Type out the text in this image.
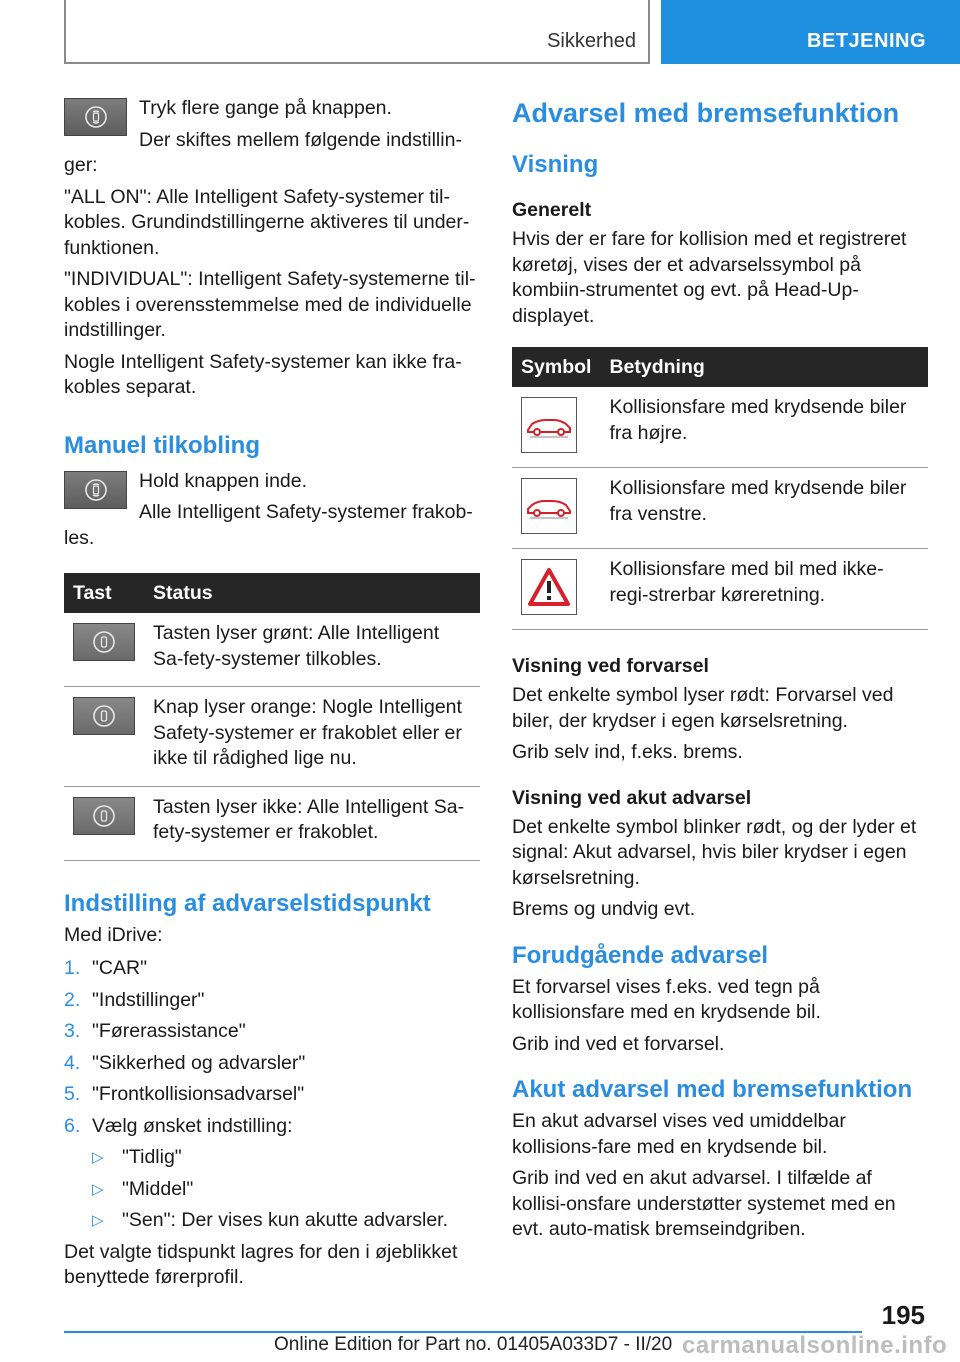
Sikkerhed	BETJENING

Tryk flere gange på knappen.

Der skiftes mellem følgende indstillin-ger:

"ALL ON": Alle Intelligent Safety-systemer til-kobles. Grundindstillingerne aktiveres til under-funktionen.

"INDIVIDUAL": Intelligent Safety-systemerne til-kobles i overensstemmelse med de individuelle indstillinger.

Nogle Intelligent Safety-systemer kan ikke fra-kobles separat.

Manuel tilkobling

Hold knappen inde.

Alle Intelligent Safety-systemer frakob-les.

Tast	Status

	Tasten lyser grønt: Alle Intelligent Sa-fety-systemer tilkobles.

	Knap lyser orange: Nogle Intelligent Safety-systemer er frakoblet eller er ikke til rådighed lige nu.

	Tasten lyser ikke: Alle Intelligent Sa-fety-systemer er frakoblet.
Indstilling af advarselstidspunkt

Med iDrive:

1. "CAR"
2. "Indstillinger"
3. "Førerassistance"
4. "Sikkerhed og advarsler"
5. "Frontkollisionsadvarsel"
6. Vælg ønsket indstilling:
▷ "Tidlig"
▷ "Middel"
▷ "Sen": Der vises kun akutte advarsler.

Det valgte tidspunkt lagres for den i øjeblikket benyttede førerprofil.

Advarsel med bremsefunktion
Visning
Generelt

Hvis der er fare for kollision med et registreret køretøj, vises der et advarselssymbol på kombiin-strumentet og evt. på Head-Up-displayet.

Symbol	Betydning

	Kollisionsfare med krydsende biler fra højre.

	Kollisionsfare med krydsende biler fra venstre.

	Kollisionsfare med bil med ikke-regi-strerbar køreretning.
Visning ved forvarsel

Det enkelte symbol lyser rødt: Forvarsel ved biler, der krydser i egen kørselsretning.

Grib selv ind, f.eks. brems.

Visning ved akut advarsel

Det enkelte symbol blinker rødt, og der lyder et signal: Akut advarsel, hvis biler krydser i egen kørselsretning.

Brems og undvig evt.

Forudgående advarsel

Et forvarsel vises f.eks. ved tegn på kollisionsfare med en krydsende bil.

Grib ind ved et forvarsel.

Akut advarsel med bremsefunktion

En akut advarsel vises ved umiddelbar kollisions-fare med en krydsende bil.

Grib ind ved en akut advarsel. I tilfælde af kollisi-onsfare understøtter systemet med en evt. auto-matisk bremseindgriben.

195
Online Edition for Part no. 01405A033D7 - II/20 carmanualsonline.info
